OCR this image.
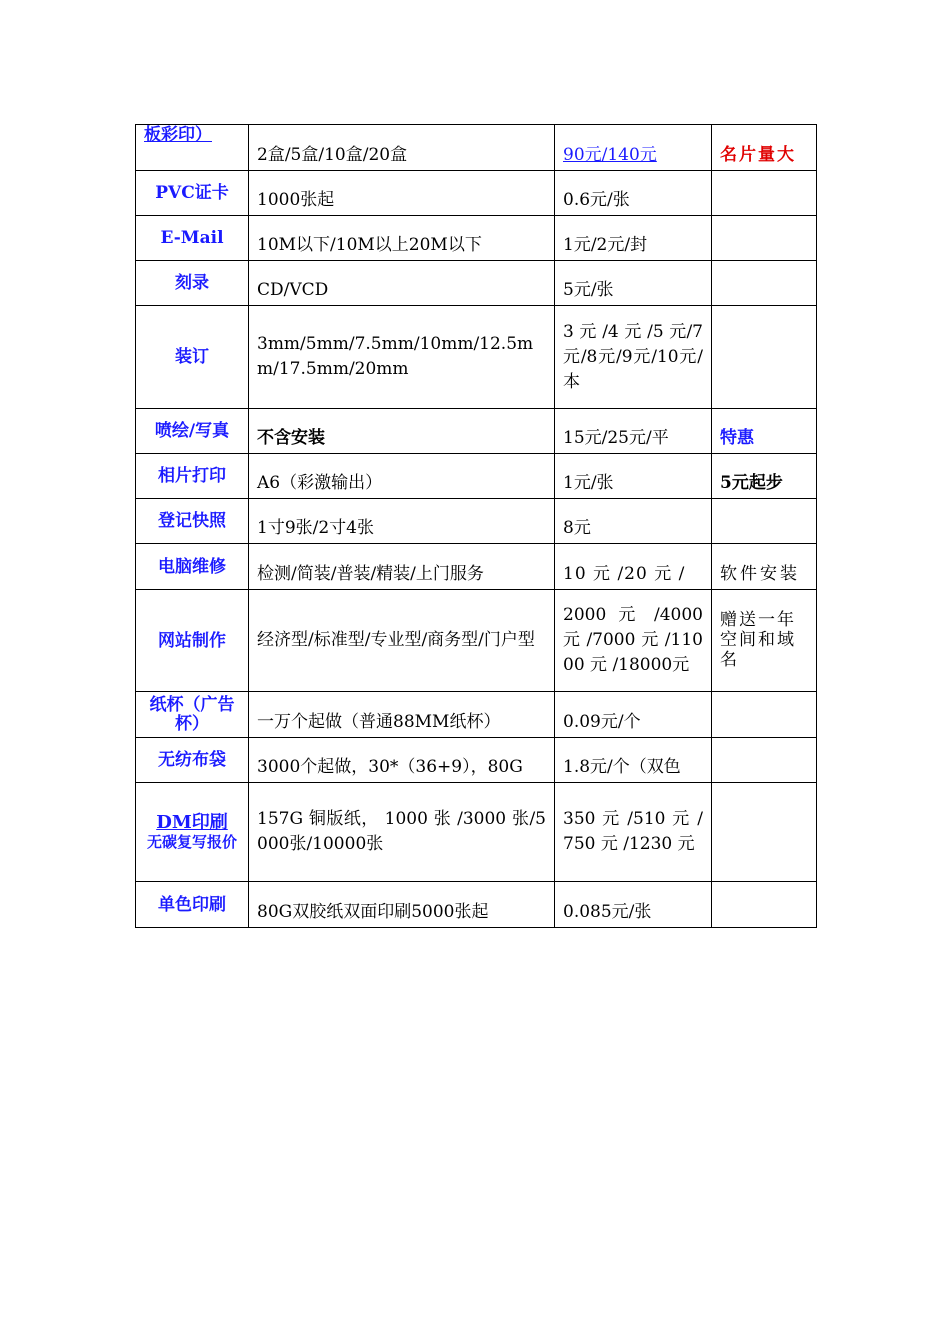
板彩印）	2盒/5盒/10盒/20盒	90元/140元	名片量大
PVC证卡	1000张起	0.6元/张	
E-Mail	10M以下/10M以上20M以下	1元/2元/封	
刻录	CD/VCD	5元/张	
装订	3mm/5mm/7.5mm/10mm/12.5mm/17.5mm/20mm	3 元 /4 元 /5 元/7元/8元/9元/10元/本	
喷绘/写真	不含安装	15元/25元/平	特惠
相片打印	A6（彩激输出）	1元/张	5元起步
登记快照	1寸9张/2寸4张	8元	
电脑维修	检测/简装/普装/精装/上门服务	10 元 /20 元 /	软件安装
网站制作	经济型/标准型/专业型/商务型/门户型	2000 元 /4000 元 /7000 元 /11000 元 /18000元	赠送一年空间和域名
纸杯（广告杯）	一万个起做（普通88MM纸杯）	0.09元/个	
无纺布袋	3000个起做，30*（36+9），80G	1.8元/个（双色	
DM印刷
无碳复写报价	157G 铜版纸， 1000 张 /3000 张/5000张/10000张	350 元 /510 元 /750 元 /1230 元	
单色印刷	80G双胶纸双面印刷5000张起	0.085元/张	
